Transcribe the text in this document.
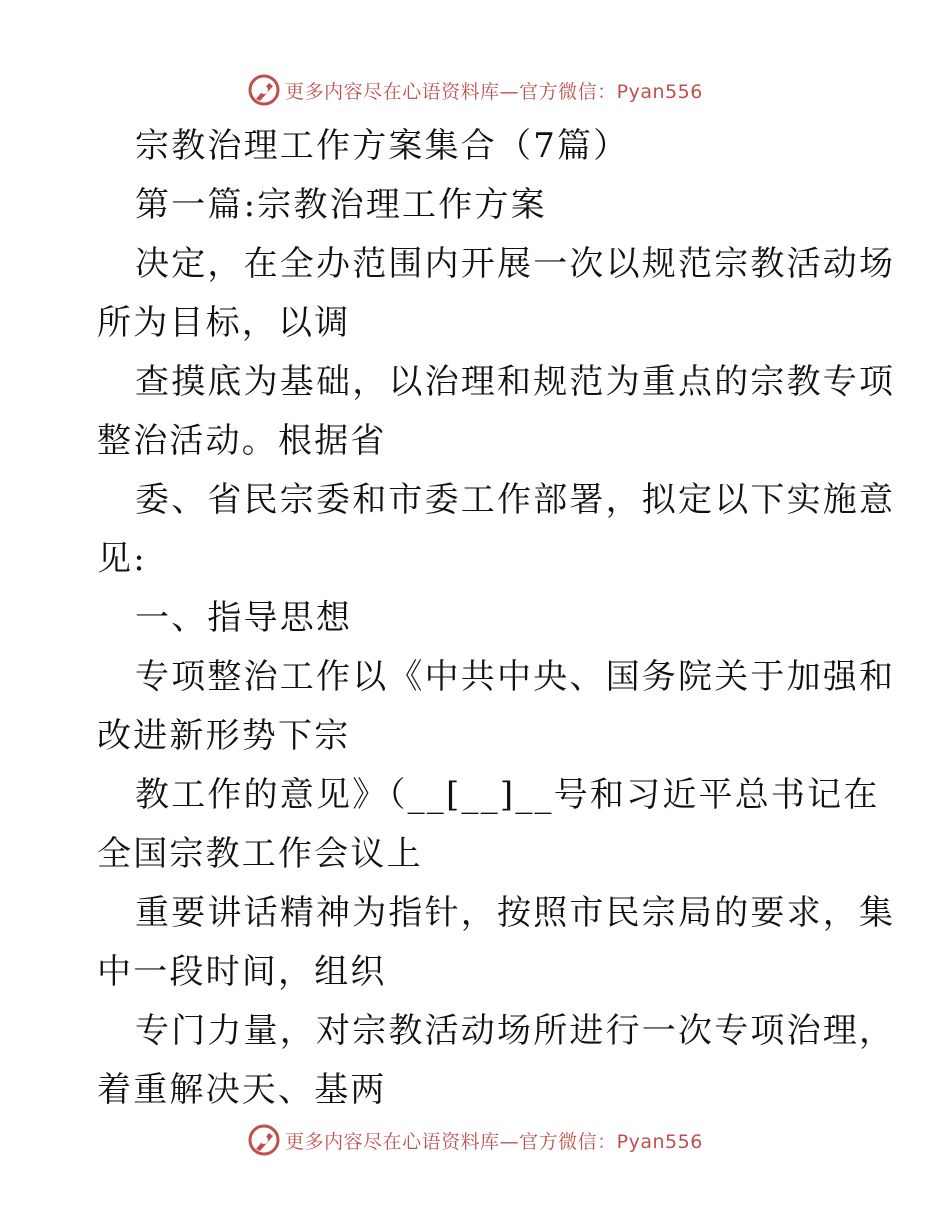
更多内容尽在心语资料库—官方微信：Pyan556

宗教治理工作方案集合（7篇）

第一篇:宗教治理工作方案

决定，在全办范围内开展一次以规范宗教活动场

所为目标，以调

查摸底为基础，以治理和规范为重点的宗教专项

整治活动。根据省

委、省民宗委和市委工作部署，拟定以下实施意

见:

一、指导思想

专项整治工作以《中共中央、国务院关于加强和

改进新形势下宗

教工作的意见》（__[__]__号和习近平总书记在

全国宗教工作会议上

重要讲话精神为指针，按照市民宗局的要求，集

中一段时间，组织

专门力量，对宗教活动场所进行一次专项治理，

着重解决天、基两

更多内容尽在心语资料库—官方微信：Pyan556
